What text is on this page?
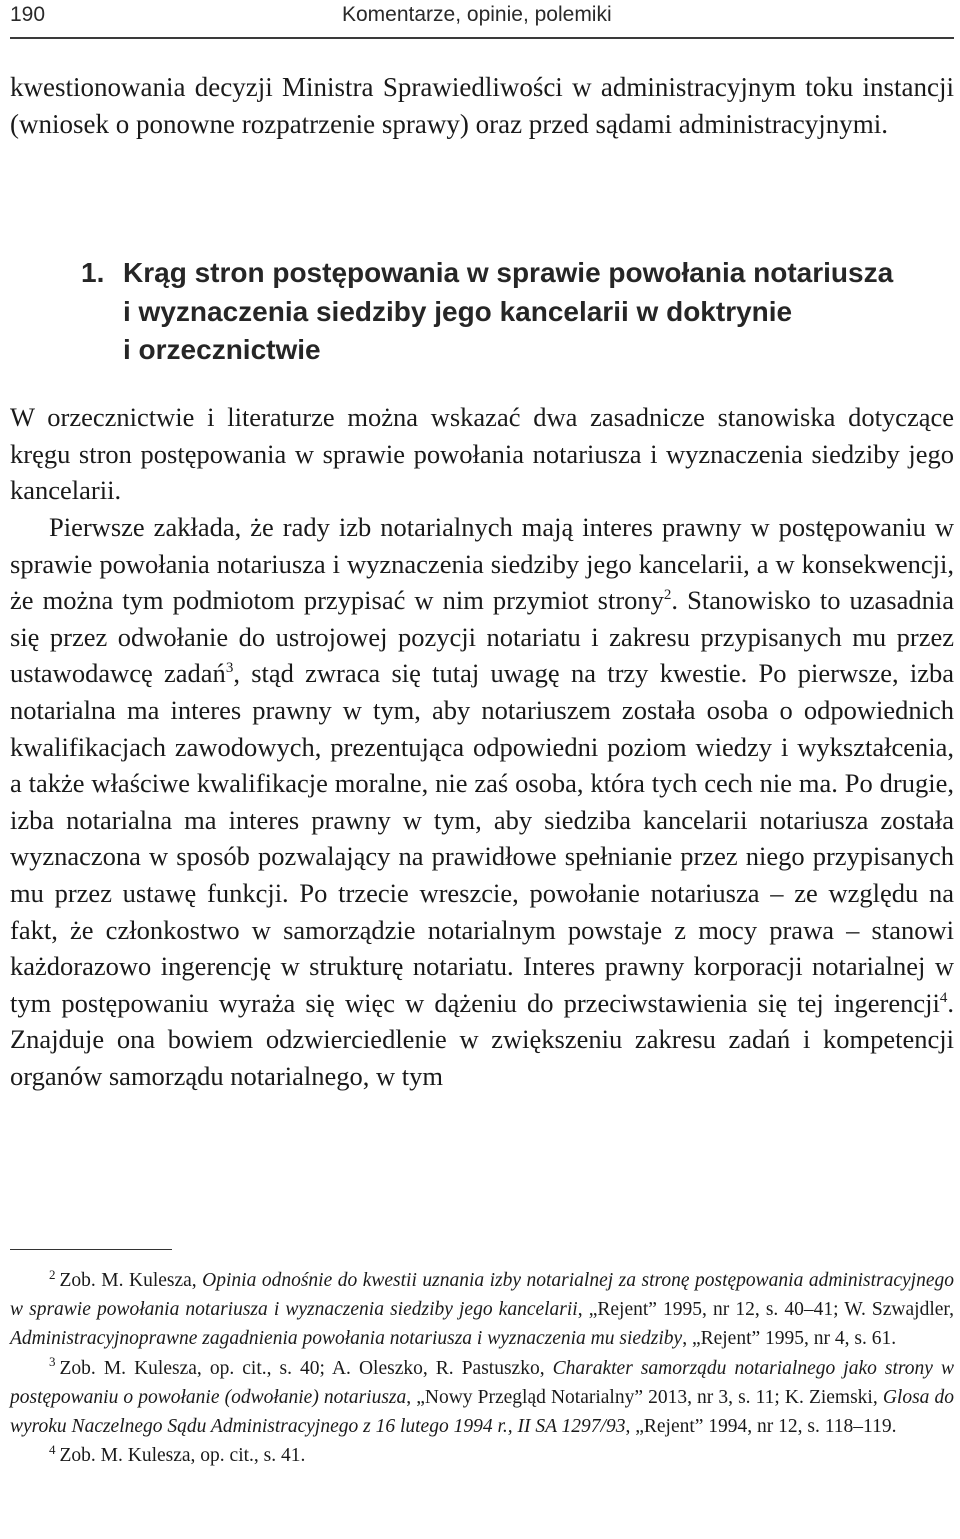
190	Komentarze, opinie, polemiki

kwestionowania decyzji Ministra Sprawiedliwości w administracyjnym toku instancji (wniosek o ponowne rozpatrzenie sprawy) oraz przed sądami administracyjnymi.

1. Krąg stron postępowania w sprawie powołania notariusza
i wyznaczenia siedziby jego kancelarii w doktrynie
i orzecznictwie

W orzecznictwie i literaturze można wskazać dwa zasadnicze stanowiska dotyczące kręgu stron postępowania w sprawie powołania notariusza i wyznaczenia siedziby jego kancelarii.

Pierwsze zakłada, że rady izb notarialnych mają interes prawny w postępowaniu w sprawie powołania notariusza i wyznaczenia siedziby jego kancelarii, a w konsekwencji, że można tym podmiotom przypisać w nim przymiot strony$^2$. Stanowisko to uzasadnia się przez odwołanie do ustrojowej pozycji notariatu i zakresu przypisanych mu przez ustawodawcę zadań$^3$, stąd zwraca się tutaj uwagę na trzy kwestie. Po pierwsze, izba notarialna ma interes prawny w tym, aby notariuszem została osoba o odpowiednich kwalifikacjach zawodowych, prezentująca odpowiedni poziom wiedzy i wykształcenia, a także właściwe kwalifikacje moralne, nie zaś osoba, która tych cech nie ma. Po drugie, izba notarialna ma interes prawny w tym, aby siedziba kancelarii notariusza została wyznaczona w sposób pozwalający na prawidłowe spełnianie przez niego przypisanych mu przez ustawę funkcji. Po trzecie wreszcie, powołanie notariusza – ze względu na fakt, że członkostwo w samorządzie notarialnym powstaje z mocy prawa – stanowi każdorazowo ingerencję w strukturę notariatu. Interes prawny korporacji notarialnej w tym postępowaniu wyraża się więc w dążeniu do przeciwstawienia się tej ingerencji$^4$. Znajduje ona bowiem odzwierciedlenie w zwiększeniu zakresu zadań i kompetencji organów samorządu notarialnego, w tym

$^2$ Zob. M. Kulesza, Opinia odnośnie do kwestii uznania izby notarialnej za stronę postępowania administracyjnego w sprawie powołania notariusza i wyznaczenia siedziby jego kancelarii, „Rejent” 1995, nr 12, s. 40–41; W. Szwajdler, Administracyjnoprawne zagadnienia powołania notariusza i wyznaczenia mu siedziby, „Rejent” 1995, nr 4, s. 61.

$^3$ Zob. M. Kulesza, op. cit., s. 40; A. Oleszko, R. Pastuszko, Charakter samorządu notarialnego jako strony w postępowaniu o powołanie (odwołanie) notariusza, „Nowy Przegląd Notarialny” 2013, nr 3, s. 11; K. Ziemski, Glosa do wyroku Naczelnego Sądu Administracyjnego z 16 lutego 1994 r., II SA 1297/93, „Rejent” 1994, nr 12, s. 118–119.

$^4$ Zob. M. Kulesza, op. cit., s. 41.
